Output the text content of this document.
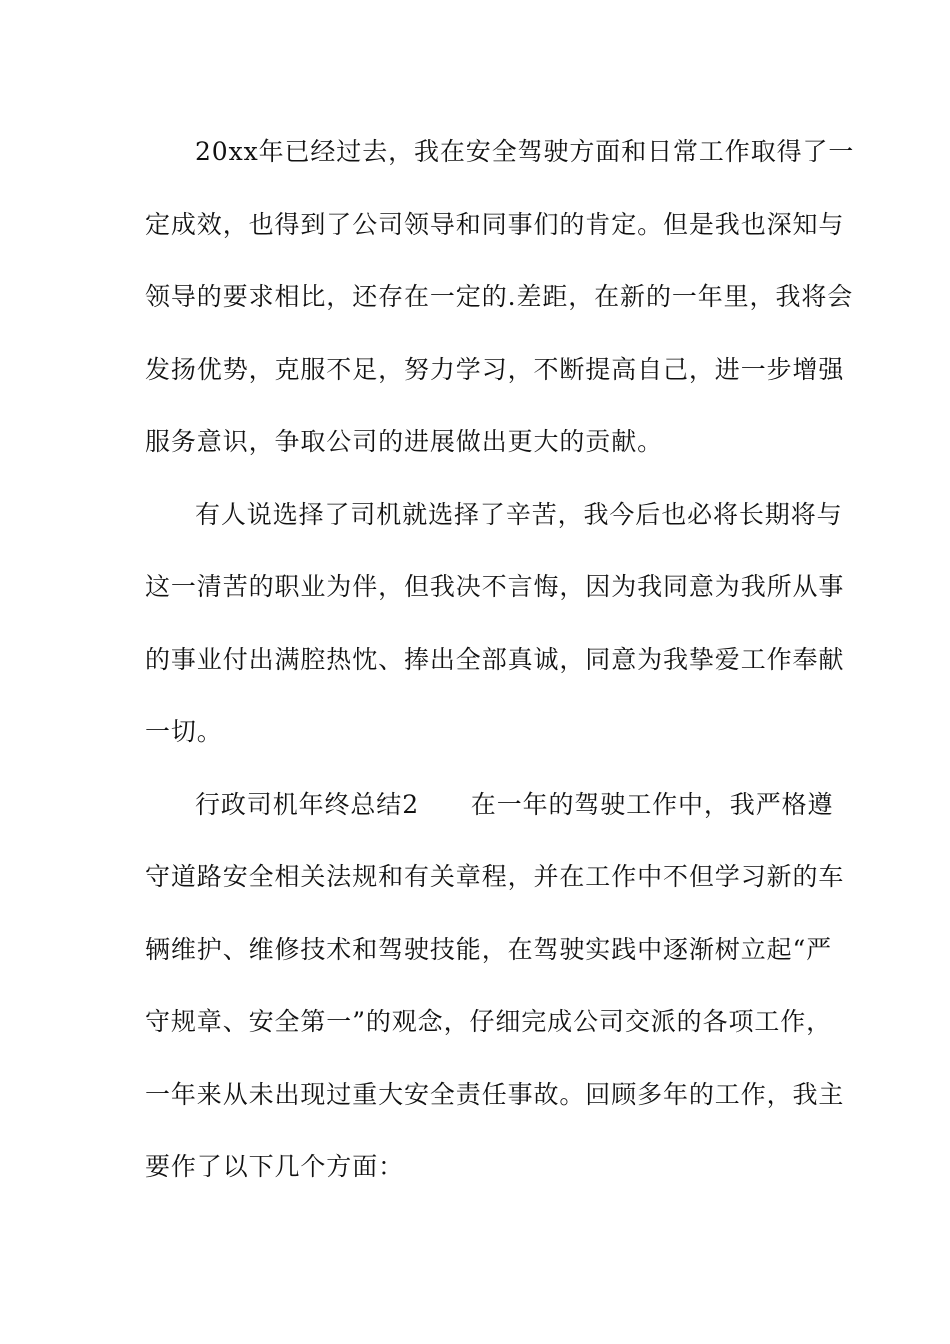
20xx年已经过去，我在安全驾驶方面和日常工作取得了一
定成效，也得到了公司领导和同事们的肯定。但是我也深知与
领导的要求相比，还存在一定的.差距，在新的一年里，我将会
发扬优势，克服不足，努力学习，不断提高自己，进一步增强
服务意识，争取公司的进展做出更大的贡献。
有人说选择了司机就选择了辛苦，我今后也必将长期将与
这一清苦的职业为伴，但我决不言悔，因为我同意为我所从事
的事业付出满腔热忱、捧出全部真诚，同意为我挚爱工作奉献
一切。
行政司机年终总结2　　在一年的驾驶工作中，我严格遵
守道路安全相关法规和有关章程，并在工作中不但学习新的车
辆维护、维修技术和驾驶技能，在驾驶实践中逐渐树立起“严
守规章、安全第一”的观念，仔细完成公司交派的各项工作，
一年来从未出现过重大安全责任事故。回顾多年的工作，我主
要作了以下几个方面：
